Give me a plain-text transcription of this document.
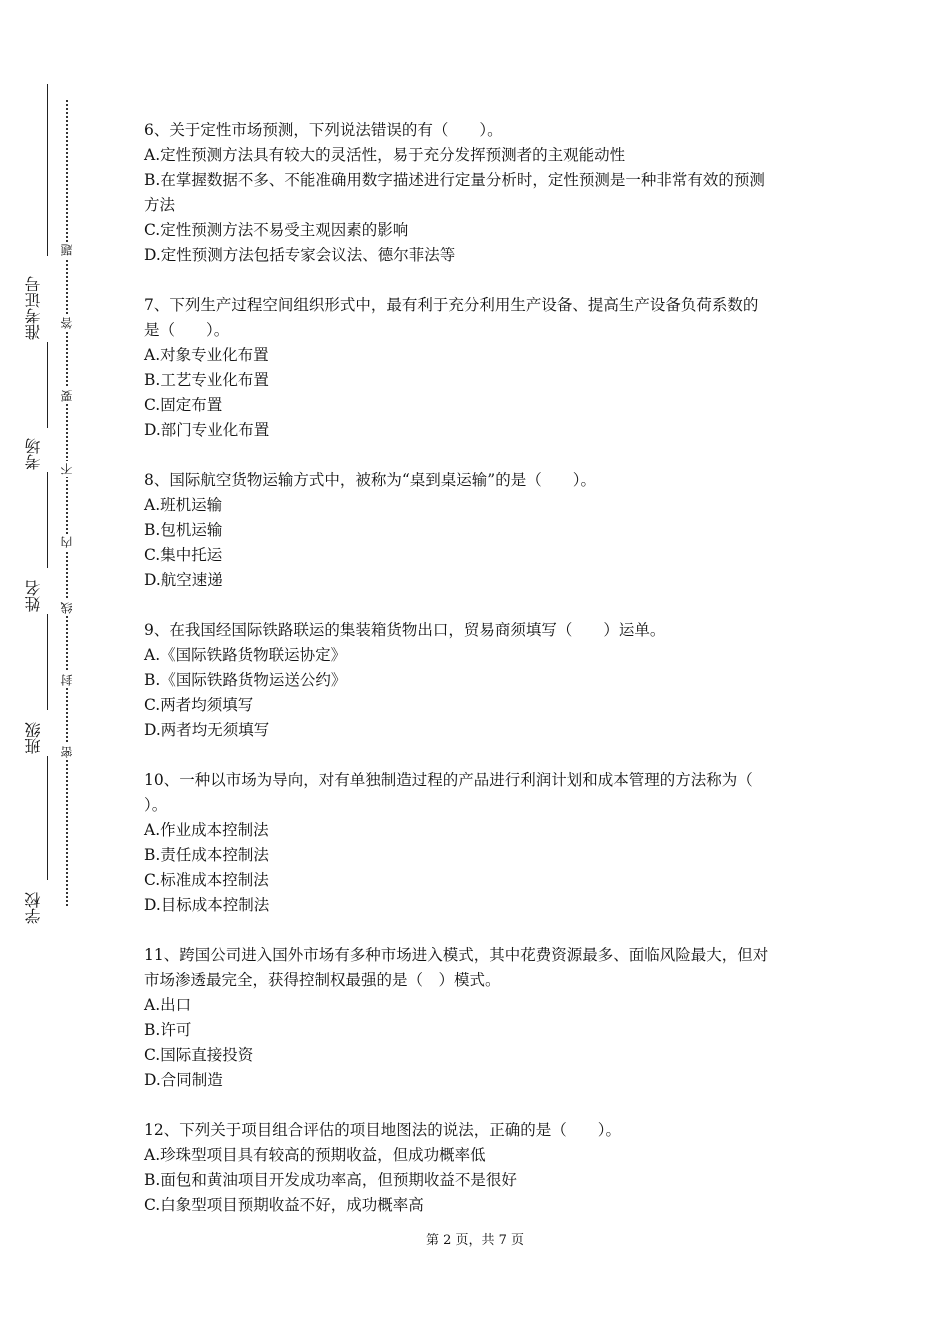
准考证号
考场
姓名
班级
学校
题
答
要
不
内
线
封
密
6、关于定性市场预测，下列说法错误的有（　　）。
A.定性预测方法具有较大的灵活性，易于充分发挥预测者的主观能动性
B.在掌握数据不多、不能准确用数字描述进行定量分析时，定性预测是一种非常有效的预测
方法
C.定性预测方法不易受主观因素的影响
D.定性预测方法包括专家会议法、德尔菲法等
7、下列生产过程空间组织形式中，最有利于充分利用生产设备、提高生产设备负荷系数的
是（　　）。
A.对象专业化布置
B.工艺专业化布置
C.固定布置
D.部门专业化布置
8、国际航空货物运输方式中，被称为“桌到桌运输”的是（　　）。
A.班机运输
B.包机运输
C.集中托运
D.航空速递
9、在我国经国际铁路联运的集装箱货物出口，贸易商须填写（　　）运单。
A.《国际铁路货物联运协定》
B.《国际铁路货物运送公约》
C.两者均须填写
D.两者均无须填写
10、一种以市场为导向，对有单独制造过程的产品进行利润计划和成本管理的方法称为（
）。
A.作业成本控制法
B.责任成本控制法
C.标准成本控制法
D.目标成本控制法
11、跨国公司进入国外市场有多种市场进入模式，其中花费资源最多、面临风险最大，但对
市场渗透最完全，获得控制权最强的是（　）模式。
A.出口
B.许可
C.国际直接投资
D.合同制造
12、下列关于项目组合评估的项目地图法的说法，正确的是（　　）。
A.珍珠型项目具有较高的预期收益，但成功概率低
B.面包和黄油项目开发成功率高，但预期收益不是很好
C.白象型项目预期收益不好，成功概率高
第 2 页，共 7 页
